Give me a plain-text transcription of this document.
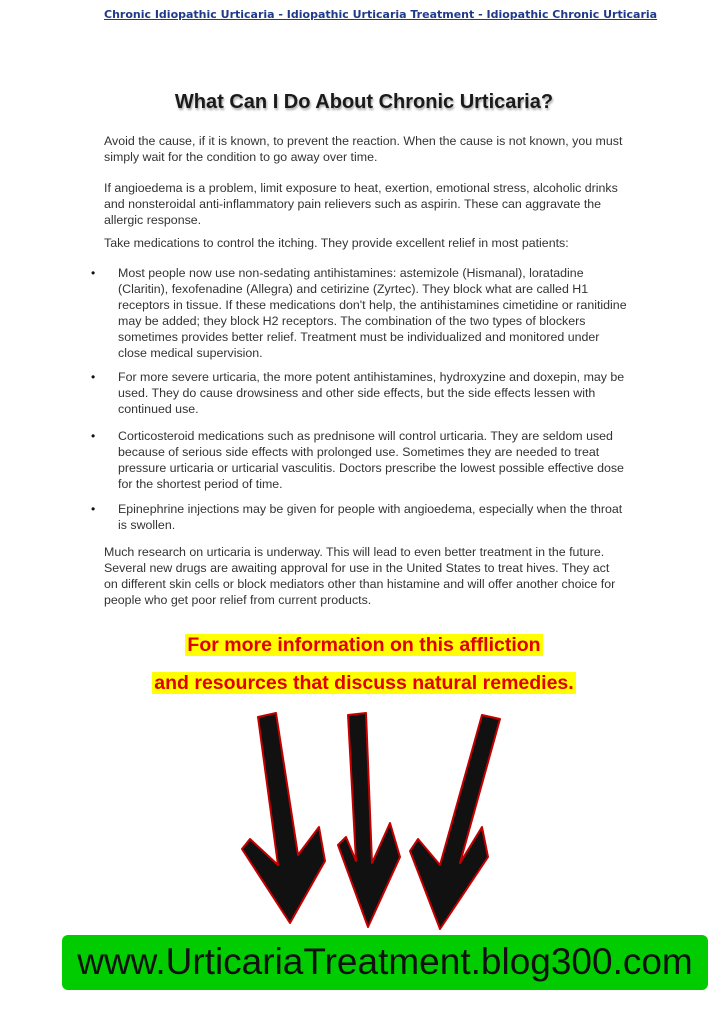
Chronic Idiopathic Urticaria - Idiopathic Urticaria Treatment - Idiopathic Chronic Urticaria
What Can I Do About Chronic Urticaria?

Avoid the cause, if it is known, to prevent the reaction. When the cause is not known, you must simply wait for the condition to go away over time.

If angioedema is a problem, limit exposure to heat, exertion, emotional stress, alcoholic drinks and nonsteroidal anti-inflammatory pain relievers such as aspirin. These can aggravate the allergic response.

Take medications to control the itching. They provide excellent relief in most patients:

• Most people now use non-sedating antihistamines: astemizole (Hismanal), loratadine (Claritin), fexofenadine (Allegra) and cetirizine (Zyrtec). They block what are called H1 receptors in tissue. If these medications don't help, the antihistamines cimetidine or ranitidine may be added; they block H2 receptors. The combination of the two types of blockers sometimes provides better relief. Treatment must be individualized and monitored under close medical supervision.

• For more severe urticaria, the more potent antihistamines, hydroxyzine and doxepin, may be used. They do cause drowsiness and other side effects, but the side effects lessen with continued use.

• Corticosteroid medications such as prednisone will control urticaria. They are seldom used because of serious side effects with prolonged use. Sometimes they are needed to treat pressure urticaria or urticarial vasculitis. Doctors prescribe the lowest possible effective dose for the shortest period of time.

• Epinephrine injections may be given for people with angioedema, especially when the throat is swollen.

Much research on urticaria is underway. This will lead to even better treatment in the future. Several new drugs are awaiting approval for use in the United States to treat hives. They act on different skin cells or block mediators other than histamine and will offer another choice for people who get poor relief from current products.

For more information on this affliction
and resources that discuss natural remedies.
www.UrticariaTreatment.blog300.com
